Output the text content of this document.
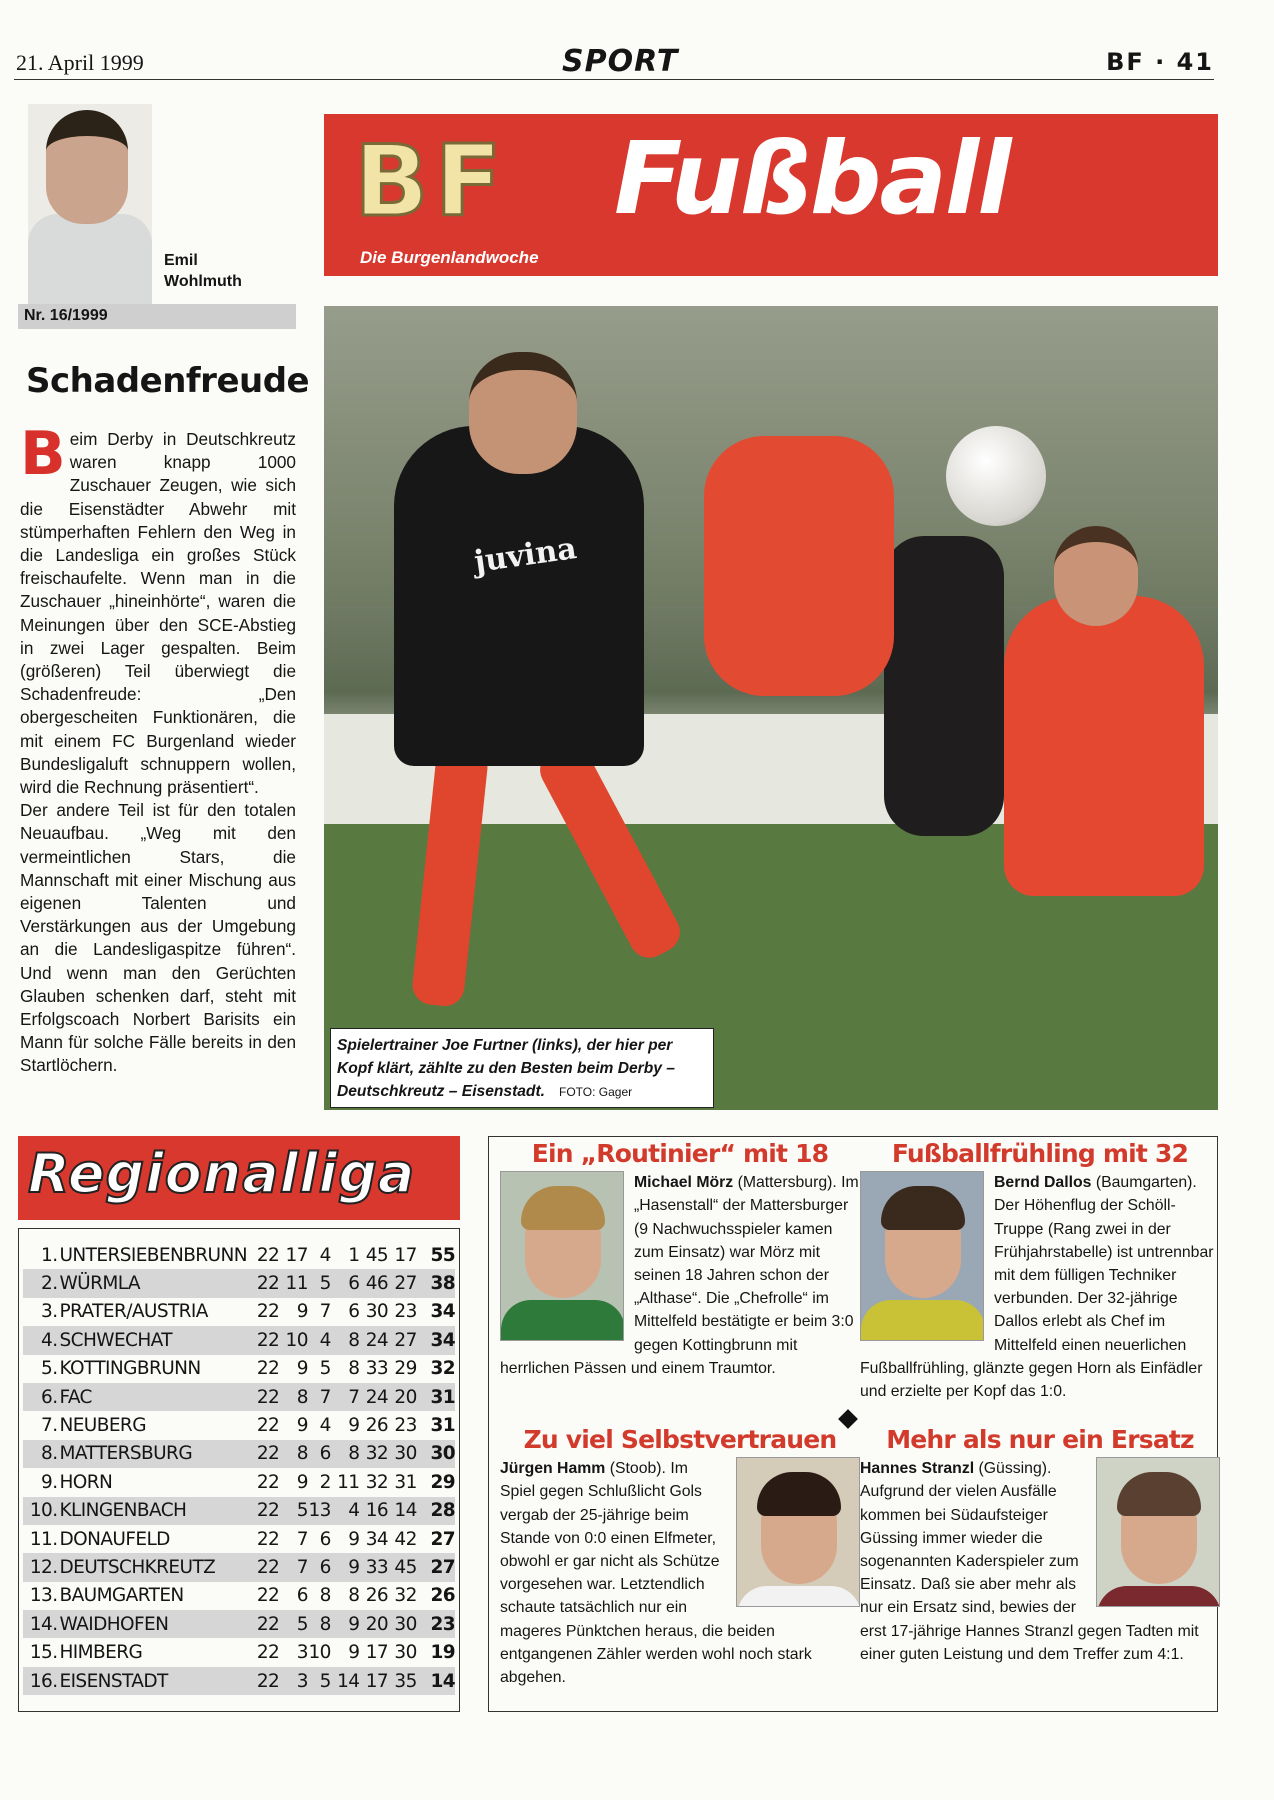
21. April 1999	SPORT	BF · 41
Emil
Wohlmuth
Nr. 16/1999
Schadenfreude

Beim Derby in Deutschkreutz waren knapp 1000 Zuschauer Zeugen, wie sich die Eisenstädter Abwehr mit stümperhaften Fehlern den Weg in die Landesliga ein großes Stück freischaufelte. Wenn man in die Zuschauer „hineinhörte“, waren die Meinungen über den SCE-Abstieg in zwei Lager gespalten. Beim (größeren) Teil überwiegt die Schadenfreude: „Den obergescheiten Funktionären, die mit einem FC Burgenland wieder Bundesligaluft schnuppern wollen, wird die Rechnung präsentiert“.

Der andere Teil ist für den totalen Neuaufbau. „Weg mit den vermeintlichen Stars, die Mannschaft mit einer Mischung aus eigenen Talenten und Verstärkungen aus der Umgebung an die Landesligaspitze führen“. Und wenn man den Gerüchten Glauben schenken darf, steht mit Erfolgscoach Norbert Barisits ein Mann für solche Fälle bereits in den Startlöchern.

BF Fußball
Die Burgenlandwoche
juvina
Spielertrainer Joe Furtner (links), der hier per Kopf klärt, zählte zu den Besten beim Derby – Deutschkreutz – Eisenstadt. FOTO: Gager
Regionalliga
1. UNTERSIEBENBRUNN 22 17 4 1 45 17 55
2. WÜRMLA	22 11 5 6 46 27 38
3. PRATER/AUSTRIA	22 9 7 6 30 23 34
4. SCHWECHAT	22 10 4 8 24 27 34
5. KOTTINGBRUNN	22 9 5 8 33 29 32
6. FAC	22 8 7 7 24 20 31
7. NEUBERG	22 9 4 9 26 23 31
8. MATTERSBURG	22 8 6 8 32 30 30
9. HORN	22 9 2 11 32 31 29
10. KLINGENBACH	22 5 13 4 16 14 28
11. DONAUFELD	22 7 6 9 34 42 27
12. DEUTSCHKREUTZ	22 7 6 9 33 45 27
13. BAUMGARTEN	22 6 8 8 26 32 26
14. WAIDHOFEN	22 5 8 9 20 30 23
15. HIMBERG	22 3 10 9 17 30 19
16. EISENSTADT	22 3 5 14 17 35 14
Ein „Routinier“ mit 18
Michael Mörz (Mattersburg). Im „Hasenstall“ der Mattersburger (9 Nachwuchsspieler kamen zum Einsatz) war Mörz mit seinen 18 Jahren schon der „Althase“. Die „Chefrolle“ im Mittelfeld bestätigte er beim 3:0 gegen Kottingbrunn mit herrlichen Pässen und einem Traumtor.
Fußballfrühling mit 32
Bernd Dallos (Baumgarten). Der Höhenflug der Schöll-Truppe (Rang zwei in der Frühjahrstabelle) ist untrennbar mit dem fülligen Techniker verbunden. Der 32-jährige Dallos erlebt als Chef im Mittelfeld einen neuerlichen Fußballfrühling, glänzte gegen Horn als Einfädler und erzielte per Kopf das 1:0.
Zu viel Selbstvertrauen
Jürgen Hamm (Stoob). Im Spiel gegen Schlußlicht Gols vergab der 25-jährige beim Stande von 0:0 einen Elfmeter, obwohl er gar nicht als Schütze vorgesehen war. Letztendlich schaute tatsächlich nur ein mageres Pünktchen heraus, die beiden entgangenen Zähler werden wohl noch stark abgehen.
Mehr als nur ein Ersatz
Hannes Stranzl (Güssing). Aufgrund der vielen Ausfälle kommen bei Südaufsteiger Güssing immer wieder die sogenannten Kaderspieler zum Einsatz. Daß sie aber mehr als nur ein Ersatz sind, bewies der erst 17-jährige Hannes Stranzl gegen Tadten mit einer guten Leistung und dem Treffer zum 4:1.
